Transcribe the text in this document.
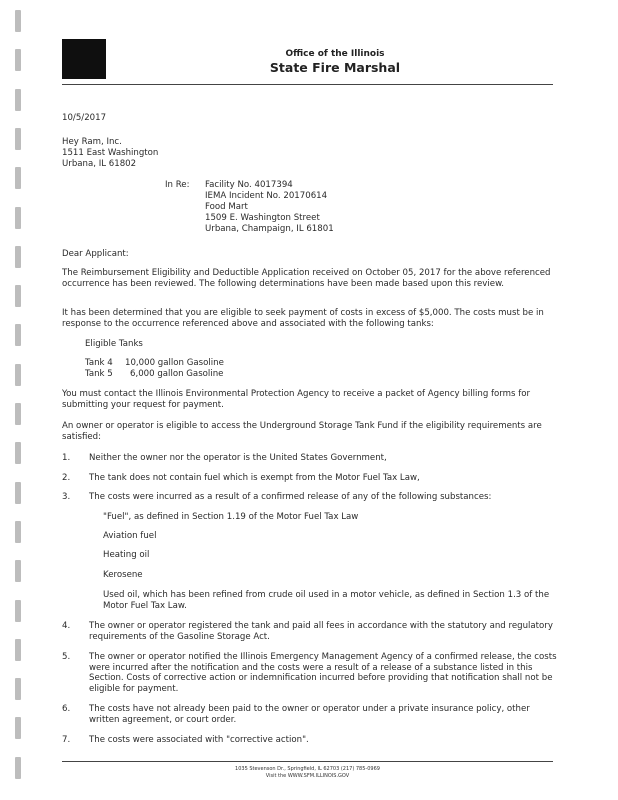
Office of the Illinois
State Fire Marshal
10/5/2017
Hey Ram, Inc.
1511 East Washington
Urbana, IL 61802
In Re: Facility No. 4017394
IEMA Incident No. 20170614
Food Mart
1509 E. Washington Street
Urbana, Champaign, IL 61801
Dear Applicant:
The Reimbursement Eligibility and Deductible Application received on October 05, 2017 for the above referenced occurrence has been reviewed. The following determinations have been made based upon this review.
It has been determined that you are eligible to seek payment of costs in excess of $5,000. The costs must be in response to the occurrence referenced above and associated with the following tanks:
Eligible Tanks
Tank 4 10,000 gallon Gasoline
Tank 5 6,000 gallon Gasoline
You must contact the Illinois Environmental Protection Agency to receive a packet of Agency billing forms for submitting your request for payment.
An owner or operator is eligible to access the Underground Storage Tank Fund if the eligibility requirements are satisfied:
1. Neither the owner nor the operator is the United States Government,
2. The tank does not contain fuel which is exempt from the Motor Fuel Tax Law,
3. The costs were incurred as a result of a confirmed release of any of the following substances:
"Fuel", as defined in Section 1.19 of the Motor Fuel Tax Law
Aviation fuel
Heating oil
Kerosene
Used oil, which has been refined from crude oil used in a motor vehicle, as defined in Section 1.3 of the Motor Fuel Tax Law.
4. The owner or operator registered the tank and paid all fees in accordance with the statutory and regulatory requirements of the Gasoline Storage Act.
5. The owner or operator notified the Illinois Emergency Management Agency of a confirmed release, the costs were incurred after the notification and the costs were a result of a release of a substance listed in this Section. Costs of corrective action or indemnification incurred before providing that notification shall not be eligible for payment.
6. The costs have not already been paid to the owner or operator under a private insurance policy, other written agreement, or court order.
7. The costs were associated with "corrective action".
1035 Stevenson Dr., Springfield, IL 62703 (217) 785-0969
Visit the WWW.SFM.ILLINOIS.GOV
